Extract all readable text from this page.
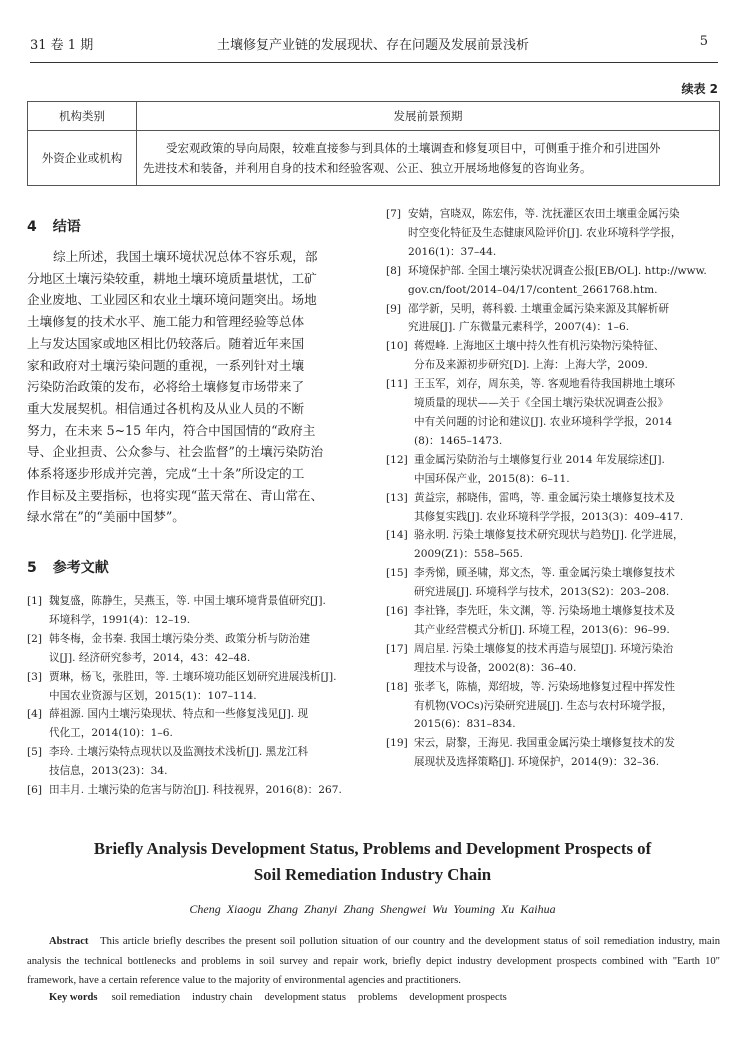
31 卷 1 期	土壤修复产业链的发展现状、存在问题及发展前景浅析	5
续表 2
机构类别	发展前景预期
外资企业或机构	受宏观政策的导向局限，较难直接参与到具体的土壤调查和修复项目中，可侧重于推介和引进国外
先进技术和装备，并利用自身的技术和经验客观、公正、独立开展场地修复的咨询业务。
4 结语
综上所述，我国土壤环境状况总体不容乐观，部
分地区土壤污染较重，耕地土壤环境质量堪忧，工矿
企业废地、工业园区和农业土壤环境问题突出。场地
土壤修复的技术水平、施工能力和管理经验等总体
上与发达国家或地区相比仍较落后。随着近年来国
家和政府对土壤污染问题的重视，一系列针对土壤
污染防治政策的发布，必将给土壤修复市场带来了
重大发展契机。相信通过各机构及从业人员的不断
努力，在未来 5~15 年内，符合中国国情的“政府主
导、企业担责、公众参与、社会监督”的土壤污染防治
体系将逐步形成并完善，完成“土十条”所设定的工
作目标及主要指标，也将实现“蓝天常在、青山常在、
绿水常在”的“美丽中国梦”。
5 参考文献
[1] 魏复盛，陈静生，吴燕玉，等. 中国土壤环境背景值研究[J].
环境科学，1991(4)：12–19.
[2] 韩冬梅，金书秦. 我国土壤污染分类、政策分析与防治建
议[J]. 经济研究参考，2014，43：42–48.
[3] 贾琳，杨飞，张胜田，等. 土壤环境功能区划研究进展浅析[J].
中国农业资源与区划，2015(1)：107–114.
[4] 薛祖源. 国内土壤污染现状、特点和一些修复浅见[J]. 现
代化工，2014(10)：1–6.
[5] 李玲. 土壤污染特点现状以及监测技术浅析[J]. 黑龙江科
技信息，2013(23)：34.
[6] 田丰月. 土壤污染的危害与防治[J]. 科技视界，2016(8)：267.
[7] 安婧，宫晓双，陈宏伟，等. 沈抚灌区农田土壤重金属污染
时空变化特征及生态健康风险评价[J]. 农业环境科学学报，
2016(1)：37–44.
[8] 环境保护部. 全国土壤污染状况调查公报[EB/OL]. http://www.
gov.cn/foot/2014–04/17/content_2661768.htm.
[9] 邵学新，吴明，蒋科毅. 土壤重金属污染来源及其解析研
究进展[J]. 广东微量元素科学，2007(4)：1–6.
[10] 蒋煜峰. 上海地区土壤中持久性有机污染物污染特征、
分布及来源初步研究[D]. 上海：上海大学，2009.
[11] 王玉军，刘存，周东美，等. 客观地看待我国耕地土壤环
境质量的现状——关于《全国土壤污染状况调查公报》
中有关问题的讨论和建议[J]. 农业环境科学学报，2014
(8)：1465–1473.
[12] 重金属污染防治与土壤修复行业 2014 年发展综述[J].
中国环保产业，2015(8)：6–11.
[13] 黄益宗，郝晓伟，雷鸣，等. 重金属污染土壤修复技术及
其修复实践[J]. 农业环境科学学报，2013(3)：409–417.
[14] 骆永明. 污染土壤修复技术研究现状与趋势[J]. 化学进展，
2009(Z1)：558–565.
[15] 李秀悌，顾圣啸，郑文杰，等. 重金属污染土壤修复技术
研究进展[J]. 环境科学与技术，2013(S2)：203–208.
[16] 李社锋，李先旺，朱文渊，等. 污染场地土壤修复技术及
其产业经营模式分析[J]. 环境工程，2013(6)：96–99.
[17] 周启星. 污染土壤修复的技术再造与展望[J]. 环境污染治
理技术与设备，2002(8)：36–40.
[18] 张孝飞，陈樯，郑绍坡，等. 污染场地修复过程中挥发性
有机物(VOCs)污染研究进展[J]. 生态与农村环境学报，
2015(6)：831–834.
[19] 宋云，尉黎，王海见. 我国重金属污染土壤修复技术的发
展现状及选择策略[J]. 环境保护，2014(9)：32–36.
Briefly Analysis Development Status, Problems and Development Prospects of
Soil Remediation Industry Chain
Cheng Xiaogu Zhang Zhanyi Zhang Shengwei Wu Youming Xu Kaihua
Abstract This article briefly describes the present soil pollution situation of our country and the development status of soil remediation industry, main analysis the technical bottlenecks and problems in soil survey and repair work, briefly depict industry development prospects combined with "Earth 10" framework, have a certain reference value to the majority of environmental agencies and practitioners.
Key words soil remediation industry chain development status problems development prospects
